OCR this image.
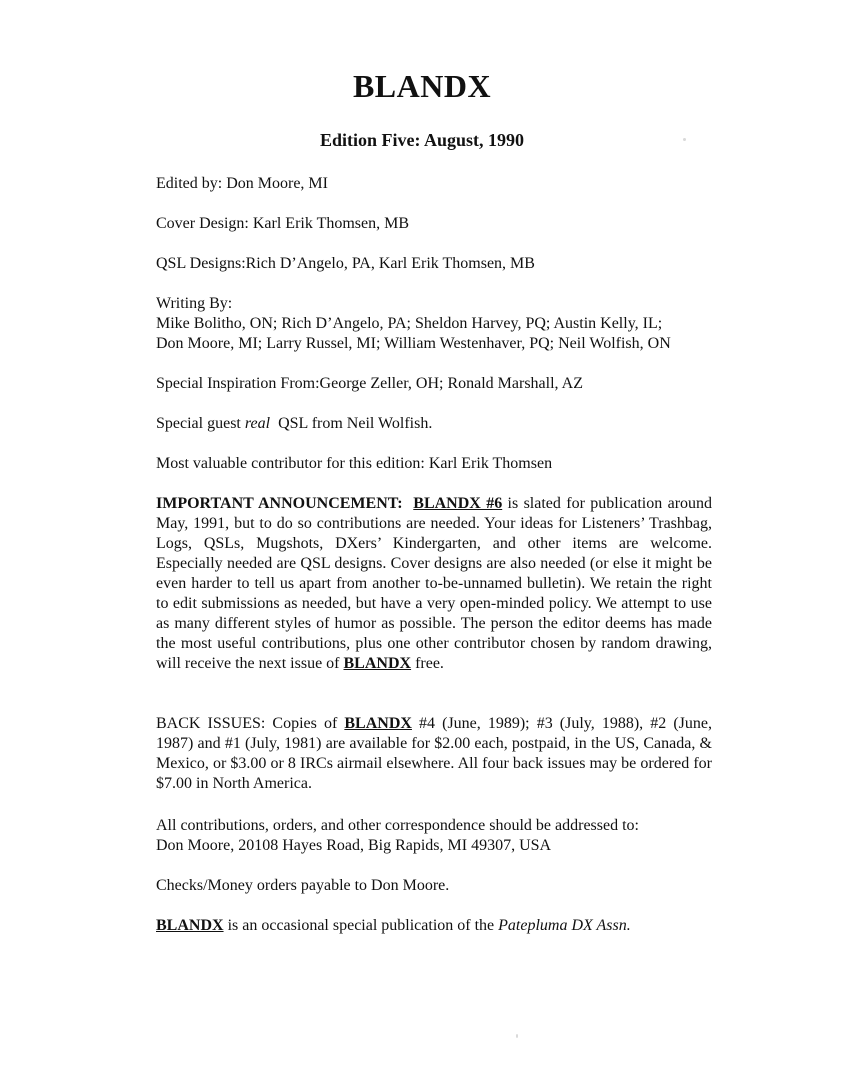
BLANDX
Edition Five: August, 1990
Edited by: Don Moore, MI
Cover Design: Karl Erik Thomsen, MB
QSL Designs:Rich D’Angelo, PA, Karl Erik Thomsen, MB
Writing By:
Mike Bolitho, ON; Rich D’Angelo, PA; Sheldon Harvey, PQ; Austin Kelly, IL;
Don Moore, MI; Larry Russel, MI; William Westenhaver, PQ; Neil Wolfish, ON
Special Inspiration From:George Zeller, OH; Ronald Marshall, AZ
Special guest real  QSL from Neil Wolfish.
Most valuable contributor for this edition: Karl Erik Thomsen
IMPORTANT ANNOUNCEMENT: BLANDX #6 is slated for publication around May, 1991, but to do so contributions are needed. Your ideas for Listeners’ Trashbag, Logs, QSLs, Mugshots, DXers’ Kindergarten, and other items are welcome. Especially needed are QSL designs. Cover designs are also needed (or else it might be even harder to tell us apart from another to-be-unnamed bulletin). We retain the right to edit submissions as needed, but have a very open-minded policy. We attempt to use as many different styles of humor as possible. The person the editor deems has made the most useful contributions, plus one other contributor chosen by random drawing, will receive the next issue of BLANDX free.
BACK ISSUES: Copies of BLANDX #4 (June, 1989); #3 (July, 1988), #2 (June, 1987) and #1 (July, 1981) are available for $2.00 each, postpaid, in the US, Canada, & Mexico, or $3.00 or 8 IRCs airmail elsewhere. All four back issues may be ordered for $7.00 in North America.
All contributions, orders, and other correspondence should be addressed to:
Don Moore, 20108 Hayes Road, Big Rapids, MI 49307, USA
Checks/Money orders payable to Don Moore.
BLANDX is an occasional special publication of the Patepluma DX Assn.
